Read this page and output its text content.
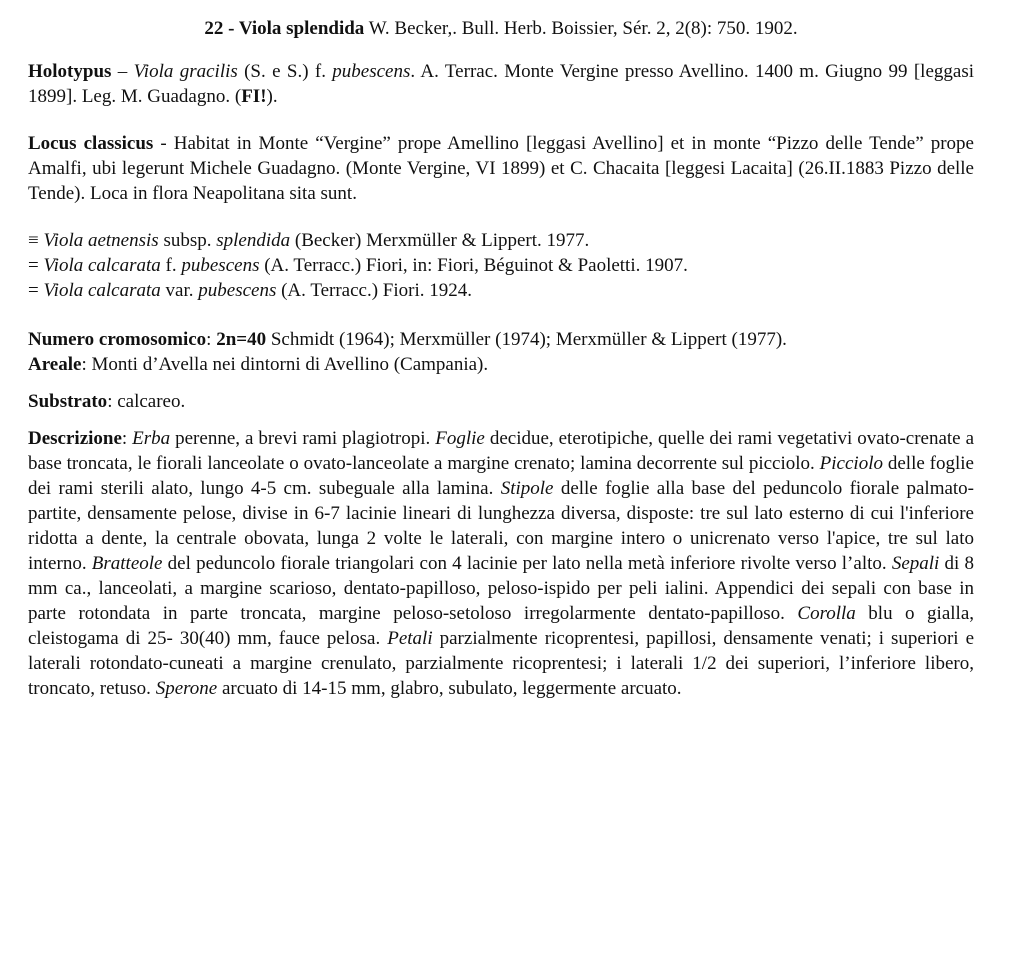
22 - Viola splendida W. Becker,. Bull. Herb. Boissier, Sér. 2, 2(8): 750. 1902.

Holotypus – Viola gracilis (S. e S.) f. pubescens. A. Terrac. Monte Vergine presso Avellino. 1400 m. Giugno 99 [leggasi 1899]. Leg. M. Guadagno. (FI!).

Locus classicus - Habitat in Monte “Vergine” prope Amellino [leggasi Avellino] et in monte “Pizzo delle Tende” prope Amalfi, ubi legerunt Michele Guadagno. (Monte Vergine, VI 1899) et C. Chacaita [leggesi Lacaita] (26.II.1883 Pizzo delle Tende). Loca in flora Neapolitana sita sunt.

≡ Viola aetnensis subsp. splendida (Becker) Merxmüller & Lippert. 1977.

= Viola calcarata f. pubescens (A. Terracc.) Fiori, in: Fiori, Béguinot & Paoletti. 1907.

= Viola calcarata var. pubescens (A. Terracc.) Fiori. 1924.

Numero cromosomico: 2n=40 Schmidt (1964); Merxmüller (1974); Merxmüller & Lippert (1977).

Areale: Monti d’Avella nei dintorni di Avellino (Campania).

Substrato: calcareo.

Descrizione: Erba perenne, a brevi rami plagiotropi. Foglie decidue, eterotipiche, quelle dei rami vegetativi ovato-crenate a base troncata, le fiorali lanceolate o ovato-lanceolate a margine crenato; lamina decorrente sul picciolo. Picciolo delle foglie dei rami sterili alato, lungo 4-5 cm. subeguale alla lamina. Stipole delle foglie alla base del peduncolo fiorale palmato-partite, densamente pelose, divise in 6-7 lacinie lineari di lunghezza diversa, disposte: tre sul lato esterno di cui l'inferiore ridotta a dente, la centrale obovata, lunga 2 volte le laterali, con margine intero o unicrenato verso l'apice, tre sul lato interno. Bratteole del peduncolo fiorale triangolari con 4 lacinie per lato nella metà inferiore rivolte verso l’alto. Sepali di 8 mm ca., lanceolati, a margine scarioso, dentato-papilloso, peloso-ispido per peli ialini. Appendici dei sepali con base in parte rotondata in parte troncata, margine peloso-setoloso irregolarmente dentato-papilloso. Corolla blu o gialla, cleistogama di 25- 30(40) mm, fauce pelosa. Petali parzialmente ricoprentesi, papillosi, densamente venati; i superiori e laterali rotondato-cuneati a margine crenulato, parzialmente ricoprentesi; i laterali 1/2 dei superiori, l’inferiore libero, troncato, retuso. Sperone arcuato di 14-15 mm, glabro, subulato, leggermente arcuato.
